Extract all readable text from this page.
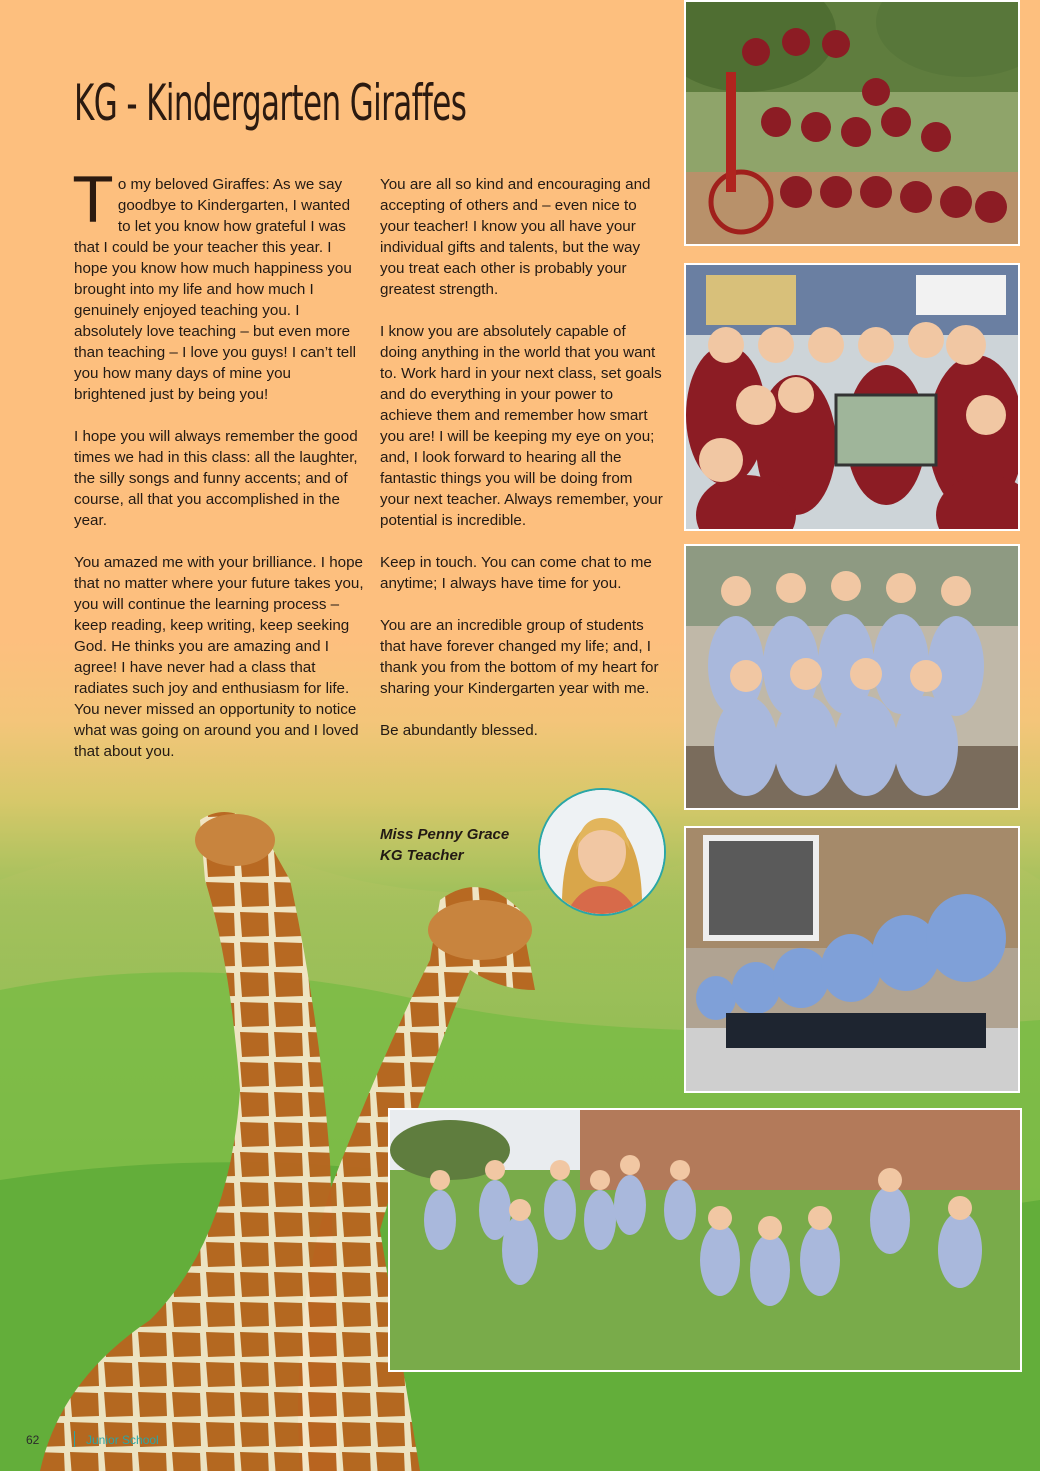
KG - Kindergarten Giraffes

To my beloved Giraffes: As we say goodbye to Kindergarten, I wanted to let you know how grateful I was that I could be your teacher this year. I hope you know how much happiness you brought into my life and how much I genuinely enjoyed teaching you. I absolutely love teaching – but even more than teaching – I love you guys! I can’t tell you how many days of mine you brightened just by being you!

I hope you will always remember the good times we had in this class: all the laughter, the silly songs and funny accents; and of course, all that you accomplished in the year.

You amazed me with your brilliance. I hope that no matter where your future takes you, you will continue the learning process – keep reading, keep writing, keep seeking God. He thinks you are amazing and I agree! I have never had a class that radiates such joy and enthusiasm for life. You never missed an opportunity to notice what was going on around you and I loved that about you.

You are all so kind and encouraging and accepting of others and – even nice to your teacher! I know you all have your individual gifts and talents, but the way you treat each other is probably your greatest strength.

I know you are absolutely capable of doing anything in the world that you want to. Work hard in your next class, set goals and do everything in your power to achieve them and remember how smart you are! I will be keeping my eye on you; and, I look forward to hearing all the fantastic things you will be doing from your next teacher. Always remember, your potential is incredible.

Keep in touch. You can come chat to me anytime; I always have time for you.

You are an incredible group of students that have forever changed my life; and, I thank you from the bottom of my heart for sharing your Kindergarten year with me.

Be abundantly blessed.

Miss Penny Grace
KG Teacher
62	Junior School
